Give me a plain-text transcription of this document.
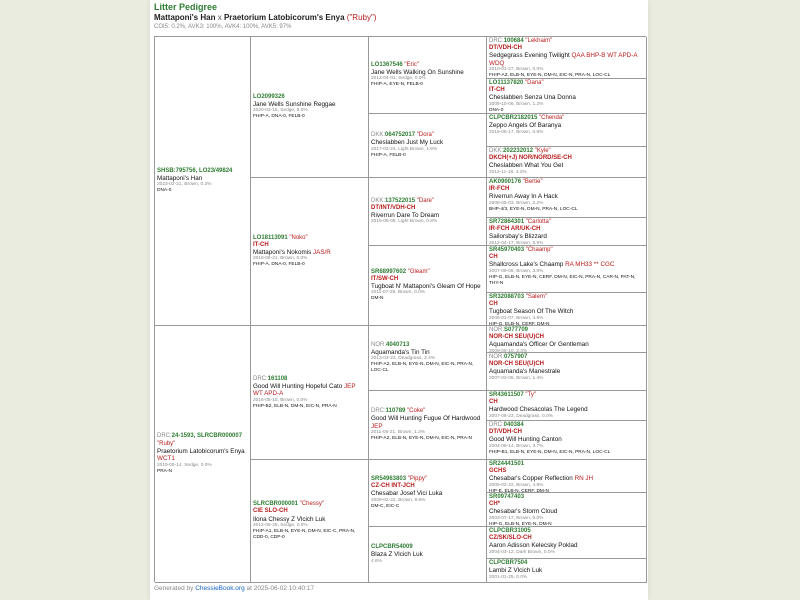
Litter Pedigree
Mattaponi's Han x Praetorium Latobicorum's Enya ("Ruby")
COI5: 0.2%, AVK3: 100%, AVK4: 100%, AVK5: 97%
SHSB:795756, LO23/49824
Mattaponi's Han
2023-02-21, Brown, 0.2%
DNA-0
DRC:24-1593, SLRCBR000007 "Ruby"
Praetorium Latobicorum's Enya WCT1
2019-05-14, Sedge, 0.0%
PRA-N
LO2099326
Jane Wells Sunshine Reggae
2020-03-15, Sedge, 8.0%
FHIP-A, DNA-0, FELB-0
LO18113091 "Noko"
IT-CH
Mattaponi's Nokomis JAS/R
2018-06-21, Brown, 0.0%
FHIP-A, DNA-0, FELB-0
DRC:161108
Good Will Hunting Hopeful Cato JEP WT APD-A
2016-05-10, Brown, 0.0%
FHIP-B2, ELB-N, DM-N, EIC-N, PRA-N
SLRCBR000001 "Chessy"
CIE SLO-CH
Ilona Chessy Z Vlcich Luk
2012-06-25, Sedge, 0.0%
FHIP-A1, ELB-N, EYE-N, DM-N, EIC-C, PRA-N, CDD-0, CDP-0
LO1367546 "Eric"
Jane Wells Walking On Sunshine
2013-04-01, Sedge, 0.0%
FHIP-A, EYE-N, FELB-0
DKK:064752017 "Dora"
Cheslabben Just My Luck
2017-03-24, Light Brown, 1.6%
FHIP-A, FELB-0
DKK:137522015 "Dare"
DT/INT/VDH-CH
Riverrun Dare To Dream
2015-05-05, Light Brown, 0.8%
SR68997602 "Gleam"
IT/SW-CH
Tugboat N' Mattaponi's Gleam Of Hope
2011-07-29, Brown, 0.0%
DM-N
NOR:4040713
Aquamanda's Tin Tin
2013-03-23, Deadgrass, 2.4%
FHIP-A2, ELB-N, EYE-N, DM-N, EIC-N, PRA-N, LOC-CL
DRC:110789 "Coke"
Good Will Hunting Fugue Of Hardwood JEP
2011-05-21, Brown, 1.3%
FHIP-A2, ELB-N, EYE-N, DM-N, EIC-N, PRA-N
SR54963803 "Pippy"
CZ-CH INT-JCH
Chesabar Josef Vici Luka
2009-02-22, Brown, 9.6%
DM-C, EIC-C
CLPCBR54009
Blaza Z Vlcich Luk
4.6%
DRC:100684 "Lekhaim"
DT/VDH-CH
Sedgegrass Evening Twilight QAA BHP-B WT APD-A WDQ
2010-01-27, Brown, 0.0%
FHIP-A2, ELB-N, EYE-N, DM-N, EIC-N, PRA-N, LOC-CL
LO11137820 "Dana"
IT-CH
Cheslabben Senza Una Donna
2009-10-06, Brown, 1.2%
DNA-0
CLPCBR2182015 "Chenda"
Zeppo Angels Of Baranya
2015-06-17, Brown, 0.8%
DKK:202232012 "Kyle"
DKCH(+J) NOR/NORD/SE-CH
Cheslabben What You Get
2012-11-18, 3.2%
AK0900176 "Bertie"
IR-FCH
Riverrun Away In A Hack
2008-05-03, Brown, 2.2%
BHP-4/3, EYE-N, DM-N, PRA-N, LOC-CL
SR72864301 "Carlotta"
IR-FCH AR/UK-CH
Sailorsbay's Blizzard
2012-04-17, Brown, 5.9%
SR45970403 "Chaamp"
CH
Shallcross Lake's Chaamp RA MH33 ** CGC
2007-09-06, Brown, 3.9%
HIP-G, ELB-N, EYE-N, CERF, DM-N, EIC-N, PRA-N, CAR-N, PAT-N, THY-N
SR32088703 "Salem"
CH
Tugboat Season Of The Witch
2006-01-07, Brown, 4.8%
HIP-G, ELB-N, CERF, DM-N
NOR:S077709
NOR-CH SEU(U)CH
Aquamanda's Officer Or Gentleman
2009-06-10, 2.3%
NOR:0757907
NOR-CH SEU(U)CH
Aquamanda's Manestrale
2007-03-06, Brown, 1.4%
SR43611507 "Ty"
CH
Hardwood Chesacolas The Legend
2007-06-23, Deadgrass, 0.0%
DRC:040384
DT/VDH-CH
Good Will Hunting Canton
2004-09-14, Brown, 3.7%
FHIP-B1, ELB-N, EYE-N, DM-N, EIC-N, PRA-N, LOC-CL
SR24441501
GCHS
Chesabar's Copper Reflection RN JH
2005-02-22, Brown, 4.8%
HIP-E, ELB-N, CERF, DM-N
SR09747403
CH*
Chesabar's Storm Cloud
2003-07-17, Brown, 0.0%
HIP-G, ELB-N, EYE-N, DM-N
CLPCBR31005
CZ/SK/SLO-CH
Aaron Adisson Kelecsky Poklad
2004-03-12, Dark Brown, 0.0%
CLPCBR7504
Lambi Z Vlcich Luk
2001-01-25, 0.0%
Generated by ChessieBook.org at 2025-06-02 10:40:17
